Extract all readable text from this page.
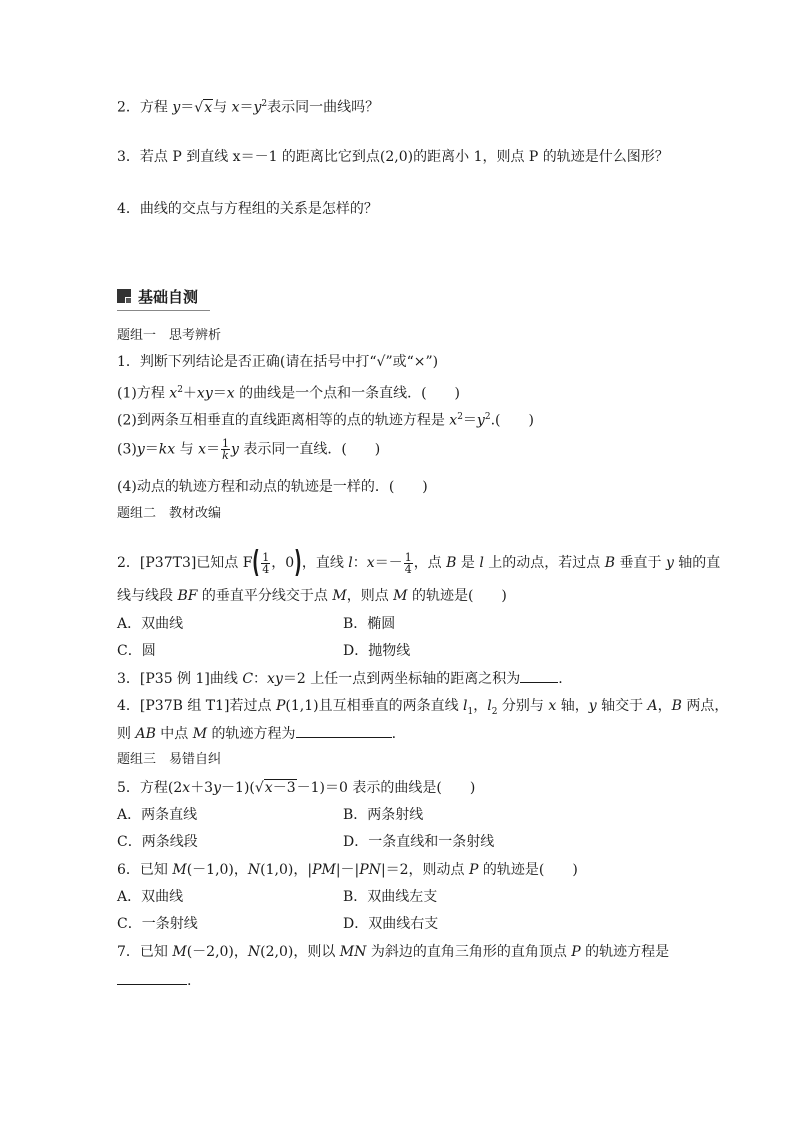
2．方程 y＝√x与 $x=y^2$表示同一曲线吗？
3．若点 P 到直线 x＝－1 的距离比它到点(2,0)的距离小 1，则点 P 的轨迹是什么图形？
4．曲线的交点与方程组的关系是怎样的？
基础自测
题组一　思考辨析
1．判断下列结论是否正确(请在括号中打“√”或“×”)
(1)方程 $x^2+xy=x$ 的曲线是一个点和一条直线．(　　)
(2)到两条互相垂直的直线距离相等的点的轨迹方程是 $x^2=y^2$.(　　)
(3)y＝kx 与 $x= \frac{1}{k}$ y 表示同一直线．(　　)
(4)动点的轨迹方程和动点的轨迹是一样的．(　　)
题组二　教材改编
2．[P37T3]已知点 $F( \frac{1}{4}$ ，0)，直线 l：$x=- \frac{1}{4}$ ，点 B 是 l 上的动点，若过点 B 垂直于 y 轴的直
线与线段 BF 的垂直平分线交于点 M，则点 M 的轨迹是(　　)
A．双曲线	B．椭圆
C．圆	D．抛物线
3．[P35 例 1]曲线 C：xy＝2 上任一点到两坐标轴的距离之积为	.
4．[P37B 组 T1]若过点 P(1,1)且互相垂直的两条直线 $l_1$，$l_2$ 分别与 x 轴，y 轴交于 A，B 两点，
则 AB 中点 M 的轨迹方程为	.
题组三　易错自纠
5．方程(2x＋3y－1)(√x－3－1)＝0 表示的曲线是(　　)
A．两条直线	B．两条射线
C．两条线段	D．一条直线和一条射线
6．已知 M(－1,0)，N(1,0)，|PM|－|PN|＝2，则动点 P 的轨迹是(　　)
A．双曲线	B．双曲线左支
C．一条射线	D．双曲线右支
7．已知 M(－2,0)，N(2,0)，则以 MN 为斜边的直角三角形的直角顶点 P 的轨迹方程是
.
